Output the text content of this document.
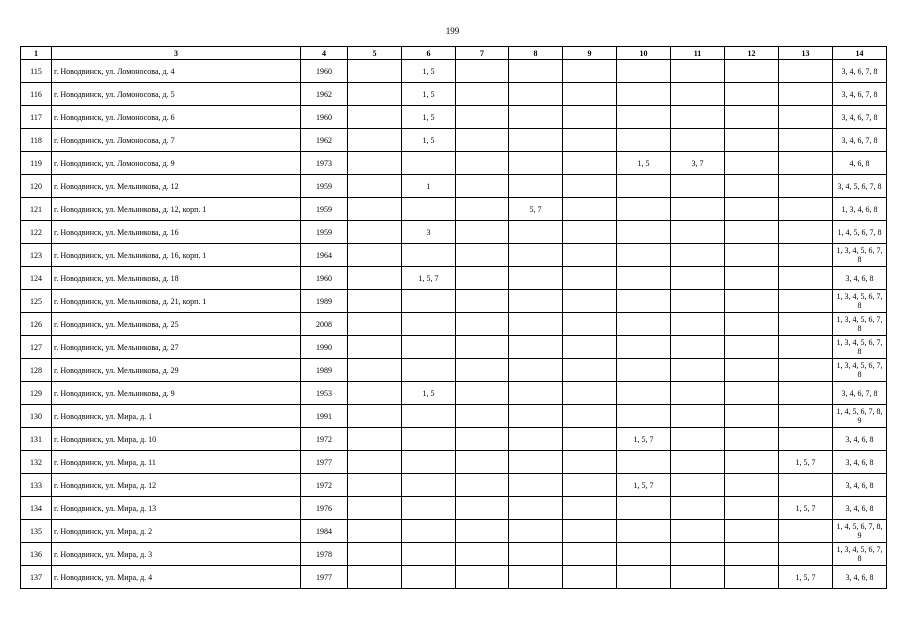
199
1	3	4	5	6	7	8	9	10	11	12	13	14
115	г. Новодвинск, ул. Ломоносова, д. 4	1960		1, 5								3, 4, 6, 7, 8
116	г. Новодвинск, ул. Ломоносова, д. 5	1962		1, 5								3, 4, 6, 7, 8
117	г. Новодвинск, ул. Ломоносова, д. 6	1960		1, 5								3, 4, 6, 7, 8
118	г. Новодвинск, ул. Ломоносова, д. 7	1962		1, 5								3, 4, 6, 7, 8
119	г. Новодвинск, ул. Ломоносова, д. 9	1973						1, 5	3, 7			4, 6, 8
120	г. Новодвинск, ул. Мельникова, д. 12	1959		1								3, 4, 5, 6, 7, 8
121	г. Новодвинск, ул. Мельникова, д. 12, корп. 1	1959				5, 7						1, 3, 4, 6, 8
122	г. Новодвинск, ул. Мельникова, д. 16	1959		3								1, 4, 5, 6, 7, 8
123	г. Новодвинск, ул. Мельникова, д. 16, корп. 1	1964										1, 3, 4, 5, 6, 7, 8
124	г. Новодвинск, ул. Мельникова, д. 18	1960		1, 5, 7								3, 4, 6, 8
125	г. Новодвинск, ул. Мельникова, д. 21, корп. 1	1989										1, 3, 4, 5, 6, 7, 8
126	г. Новодвинск, ул. Мельникова, д. 25	2008										1, 3, 4, 5, 6, 7, 8
127	г. Новодвинск, ул. Мельникова, д. 27	1990										1, 3, 4, 5, 6, 7, 8
128	г. Новодвинск, ул. Мельникова, д. 29	1989										1, 3, 4, 5, 6, 7, 8
129	г. Новодвинск, ул. Мельникова, д. 9	1953		1, 5								3, 4, 6, 7, 8
130	г. Новодвинск, ул. Мира, д. 1	1991										1, 4, 5, 6, 7, 8, 9
131	г. Новодвинск, ул. Мира, д. 10	1972						1, 5, 7				3, 4, 6, 8
132	г. Новодвинск, ул. Мира, д. 11	1977									1, 5, 7	3, 4, 6, 8
133	г. Новодвинск, ул. Мира, д. 12	1972						1, 5, 7				3, 4, 6, 8
134	г. Новодвинск, ул. Мира, д. 13	1976									1, 5, 7	3, 4, 6, 8
135	г. Новодвинск, ул. Мира, д. 2	1984										1, 4, 5, 6, 7, 8, 9
136	г. Новодвинск, ул. Мира, д. 3	1978										1, 3, 4, 5, 6, 7, 8
137	г. Новодвинск, ул. Мира, д. 4	1977									1, 5, 7	3, 4, 6, 8
